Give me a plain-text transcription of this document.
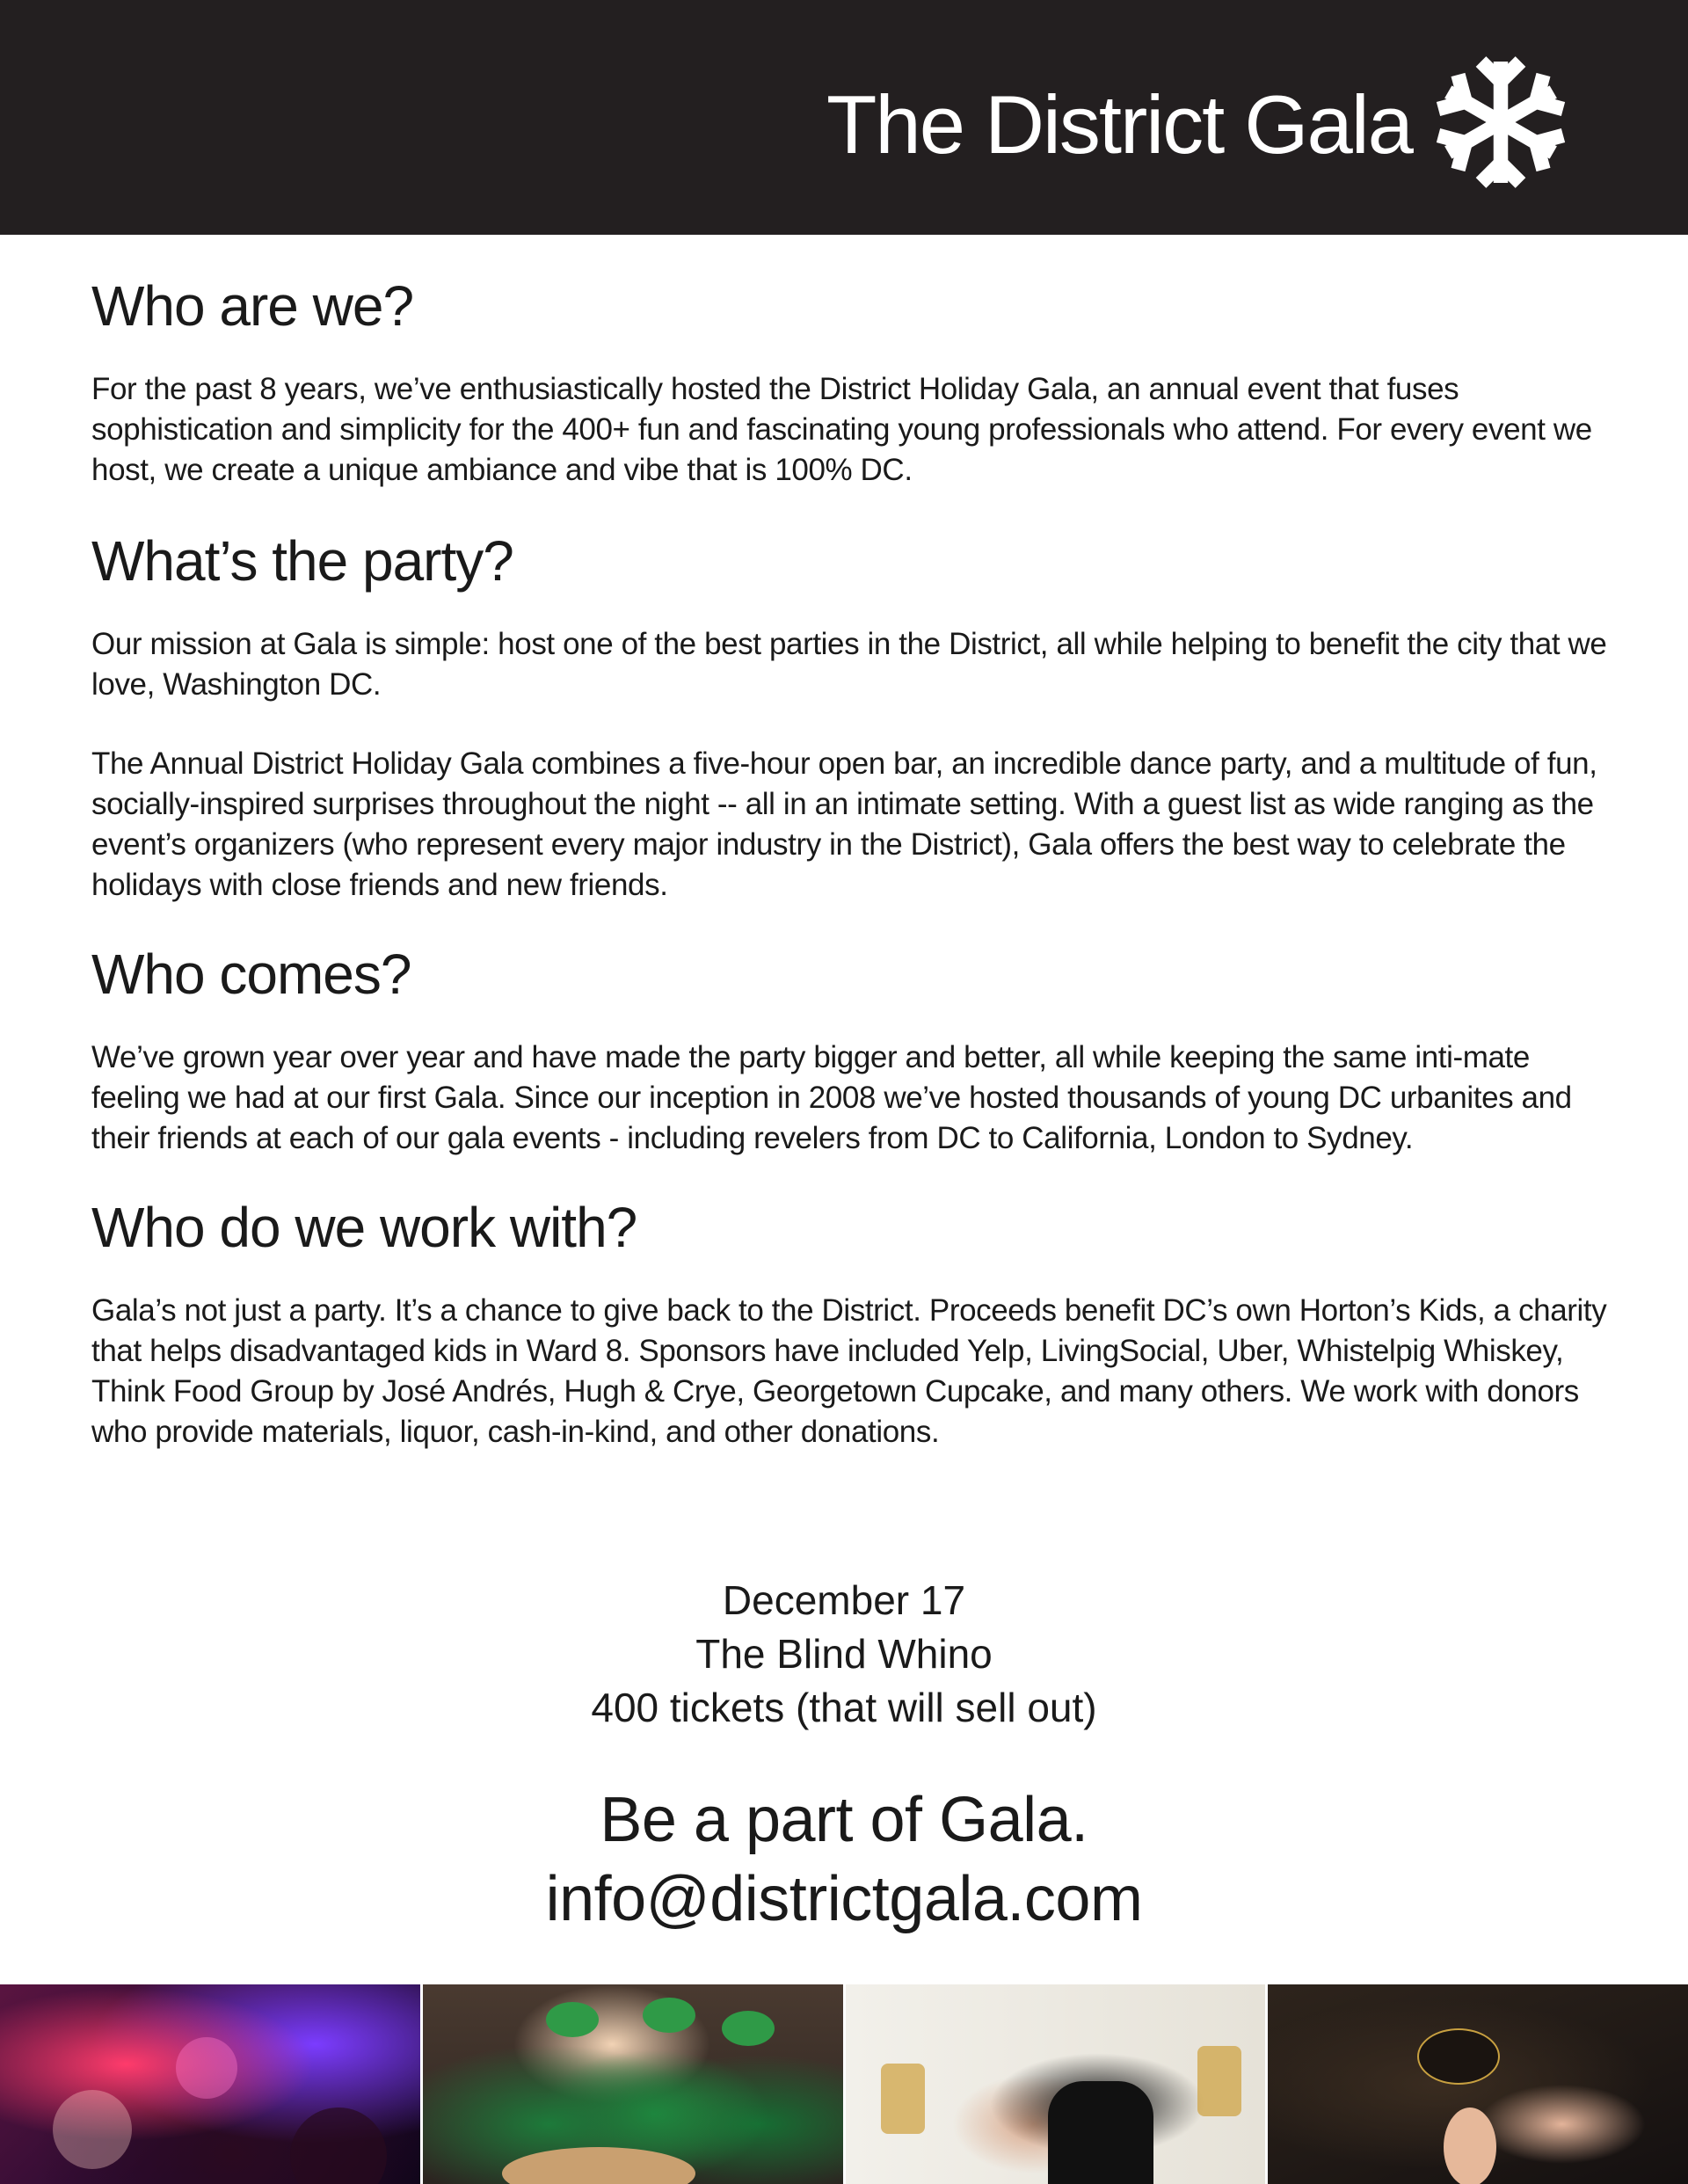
The District Gala
Who are we?

For the past 8 years, we’ve enthusiastically hosted the District Holiday Gala, an annual event that fuses sophistication and simplicity for the 400+ fun and fascinating young professionals who attend. For every event we host, we create a unique ambiance and vibe that is 100% DC.

What’s the party?

Our mission at Gala is simple: host one of the best parties in the District, all while helping to benefit the city that we love, Washington DC.

The Annual District Holiday Gala combines a five-hour open bar, an incredible dance party, and a multitude of fun, socially-inspired surprises throughout the night -- all in an intimate setting. With a guest list as wide ranging as the event’s organizers (who represent every major industry in the District), Gala offers the best way to celebrate the holidays with close friends and new friends.

Who comes?

We’ve grown year over year and have made the party bigger and better, all while keeping the same inti-mate feeling we had at our first Gala. Since our inception in 2008 we’ve hosted thousands of young DC urbanites and their friends at each of our gala events - including revelers from DC to California, London to Sydney.

Who do we work with?

Gala’s not just a party. It’s a chance to give back to the District. Proceeds benefit DC’s own Horton’s Kids, a charity that helps disadvantaged kids in Ward 8. Sponsors have included Yelp, LivingSocial, Uber, Whistelpig Whiskey, Think Food Group by José Andrés, Hugh & Crye, Georgetown Cupcake, and many others. We work with donors who provide materials, liquor, cash-in-kind, and other donations.

December 17
The Blind Whino
400 tickets (that will sell out)
Be a part of Gala.
info@districtgala.com
